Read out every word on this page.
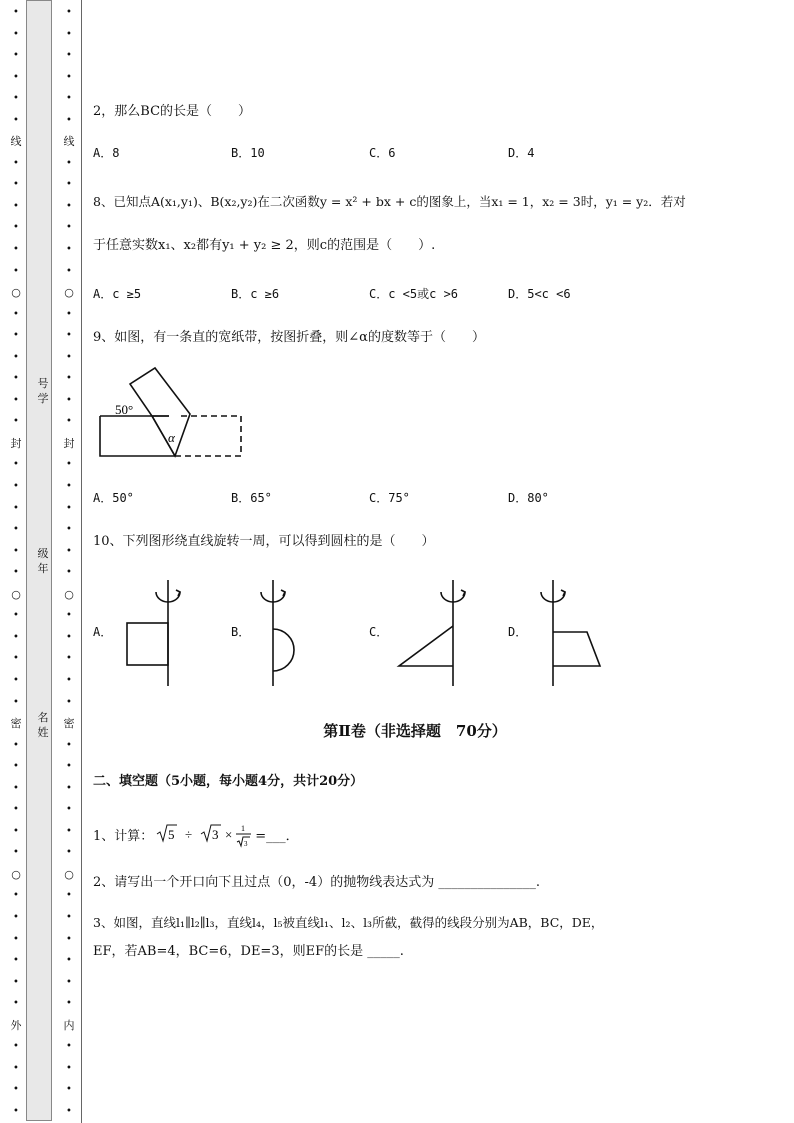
•
•
•
•
•
•
线
•
•
•
•
•
•
○
•
•
•
•
•
•
封
•
•
•
•
•
•
○
•
•
•
•
•
密
•
•
•
•
•
•
○
•
•
•
•
•
•
外
•
•
•
•
•
•
•
•
•
•
线
•
•
•
•
•
•
○
•
•
•
•
•
•
封
•
•
•
•
•
•
○
•
•
•
•
•
密
•
•
•
•
•
•
○
•
•
•
•
•
•
内
•
•
•
•
号学
级年
名姓
2，那么BC的长是（　　）
A．8	B．10	C．6	D．4
8、已知点A(x₁,y₁)、B(x₂,y₂)在二次函数y = x² + bx + c的图象上，当x₁ = 1，x₂ = 3时，y₁ = y₂．若对
于任意实数x₁、x₂都有y₁ + y₂ ≥ 2，则c的范围是（　　）.
A．c ≥5	B．c ≥6	C．c <5或c >6	D．5<c <6
9、如图，有一条直的宽纸带，按图折叠，则∠α的度数等于（　　）
50°
α
A．50°	B．65°	C．75°	D．80°
10、下列图形绕直线旋转一周，可以得到圆柱的是（　　）
A．	B．	C．	D．
第Ⅱ卷（非选择题　70分）
二、填空题（5小题，每小题4分，共计20分）
1、计算： 5 ÷ 3 × 1
3
=___．
2、请写出一个开口向下且过点（0，-4）的抛物线表达式为 _______________.
3、如图，直线l₁∥l₂∥l₃，直线l₄，l₅被直线l₁、l₂、l₃所截，截得的线段分别为AB，BC，DE，
EF，若AB=4，BC=6，DE=3，则EF的长是 _____.
